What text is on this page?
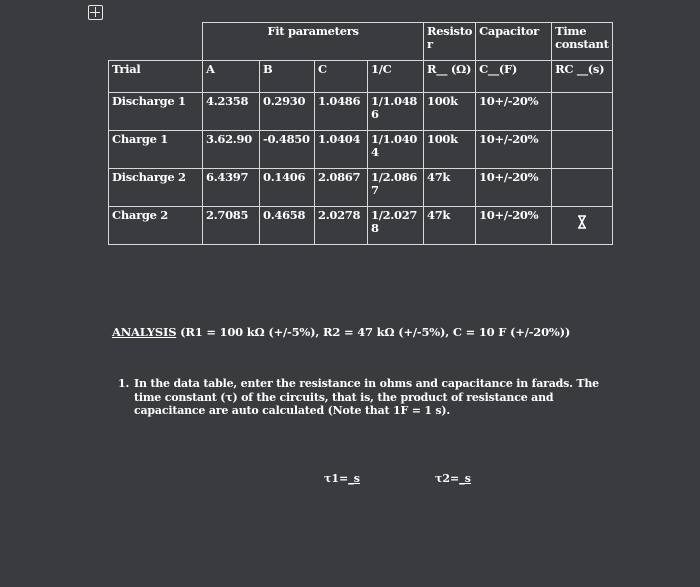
	Fit parameters				Resisto r	Capacitor	Time constant
Trial	A	B	C	1/C	R__ (Ω)	C__(F)	RC __(s)
Discharge 1	4.2358	0.2930	1.0486	1/1.048 6	100k	10+/-20%	
Charge 1	3.62.90	-0.4850	1.0404	1/1.040 4	100k	10+/-20%	
Discharge 2	6.4397	0.1406	2.0867	1/2.086 7	47k	10+/-20%	
Charge 2	2.7085	0.4658	2.0278	1/2.027 8	47k	10+/-20%	
ANALYSIS (R1 = 100 kΩ (+/-5%), R2 = 47 kΩ (+/-5%), C = 10 F (+/-20%))
1. In the data table, enter the resistance in ohms and capacitance in farads. The time constant (τ) of the circuits, that is, the product of resistance and capacitance are auto calculated (Note that 1F = 1 s).
τ1=_s	τ2=_s
